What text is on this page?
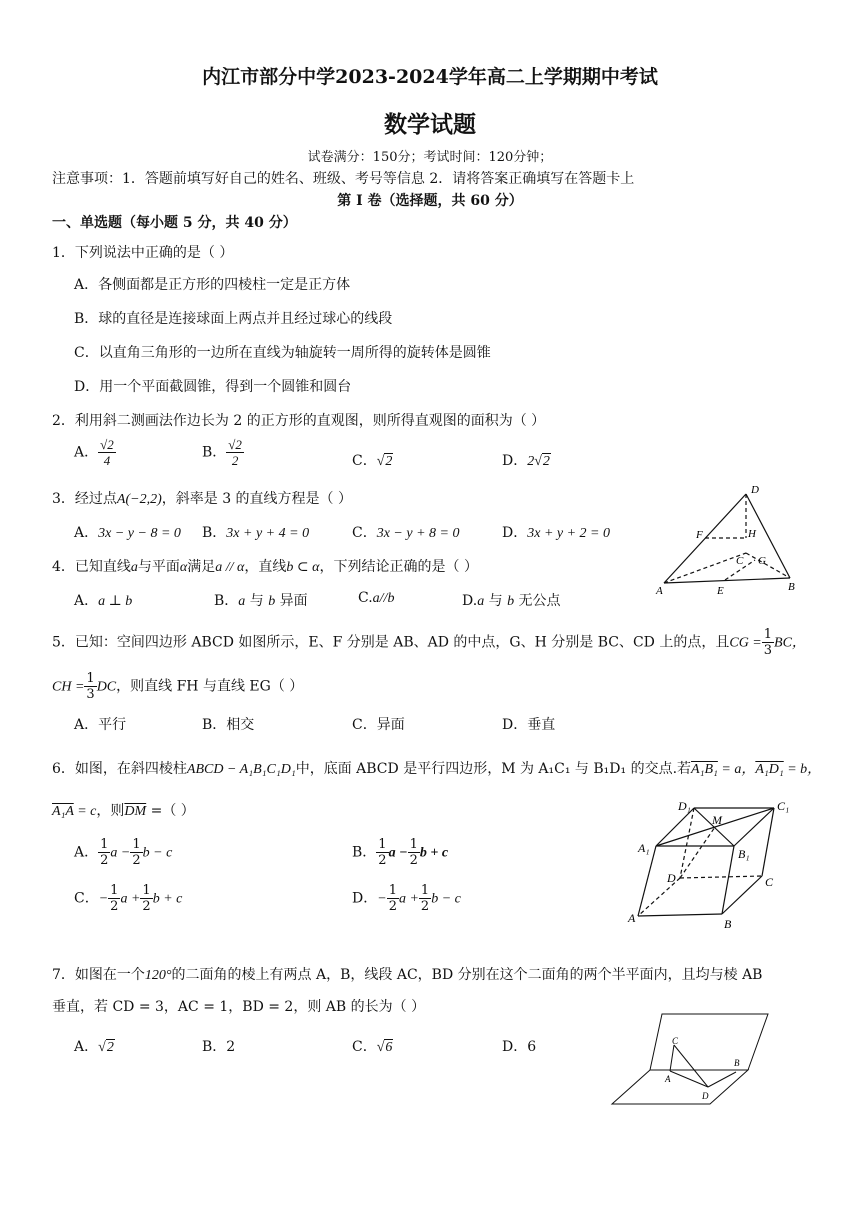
内江市部分中学2023-2024学年高二上学期期中考试
数学试题
试卷满分：150分；考试时间：120分钟；
注意事项：1．答题前填写好自己的姓名、班级、考号等信息 2．请将答案正确填写在答题卡上
第 I 卷（选择题，共 60 分）
一、单选题（每小题 5 分，共 40 分）
1．下列说法中正确的是（ ）
A．各侧面都是正方形的四棱柱一定是正方体
B．球的直径是连接球面上两点并且经过球心的线段
C．以直角三角形的一边所在直线为轴旋转一周所得的旋转体是圆锥
D．用一个平面截圆锥，得到一个圆锥和圆台
2．利用斜二测画法作边长为 2 的正方形的直观图，则所得直观图的面积为（ ）
A． $\frac{√2}{4}$	B． $\frac{√2}{2}$	C．√2	D．2√2
3．经过点A(−2,2)，斜率是 3 的直线方程是（ ）
A．3x − y − 8 = 0 B．3x + y + 4 = 0	C．3x − y + 8 = 0	D．3x + y + 2 = 0
4．已知直线a与平面α满足a // α，直线b ⊂ α，下列结论正确的是（ ）
A．a ⊥ b	B．a 与 b 异面	C.a//b	D.a 与 b 无公点
D
F	H
C G
A	E	B
5．已知：空间四边形 ABCD 如图所示，E、F 分别是 AB、AD 的中点，G、H 分别是 BC、CD 上的点，且CG = $\frac{1}{3}$ BC，
CH = $\frac{1}{3}$ DC，则直线 FH 与直线 EG（ ）
A．平行	B．相交	C．异面	D．垂直
6．如图，在斜四棱柱ABCD − A₁B₁C₁D₁中，底面 ABCD 是平行四边形，M 为 A₁C₁ 与 B₁D₁ 的交点.若A₁B₁ = a，A₁D₁ = b，
A₁A = c，则$\overline{DM}$ =（ ）
A． $\frac{1}{2}$ $a - \frac{1}{2}$ b − c	B． $\frac{1}{2}$ $a - \frac{1}{2}$ b + c
C．− $\frac{1}{2}$ $a + \frac{1}{2}$ b + c	D．− $\frac{1}{2}$ $a + \frac{1}{2}$ b − c
D₁
M
C₁
A₁	B₁
D	C
A	B
7．如图在一个120°的二面角的棱上有两点 A，B，线段 AC，BD 分别在这个二面角的两个半平面内，且均与棱 AB
垂直，若 CD = 3，AC = 1，BD = 2，则 AB 的长为（ ）
A．√2	B．2	C．√6	D．6	C
A
B
D
